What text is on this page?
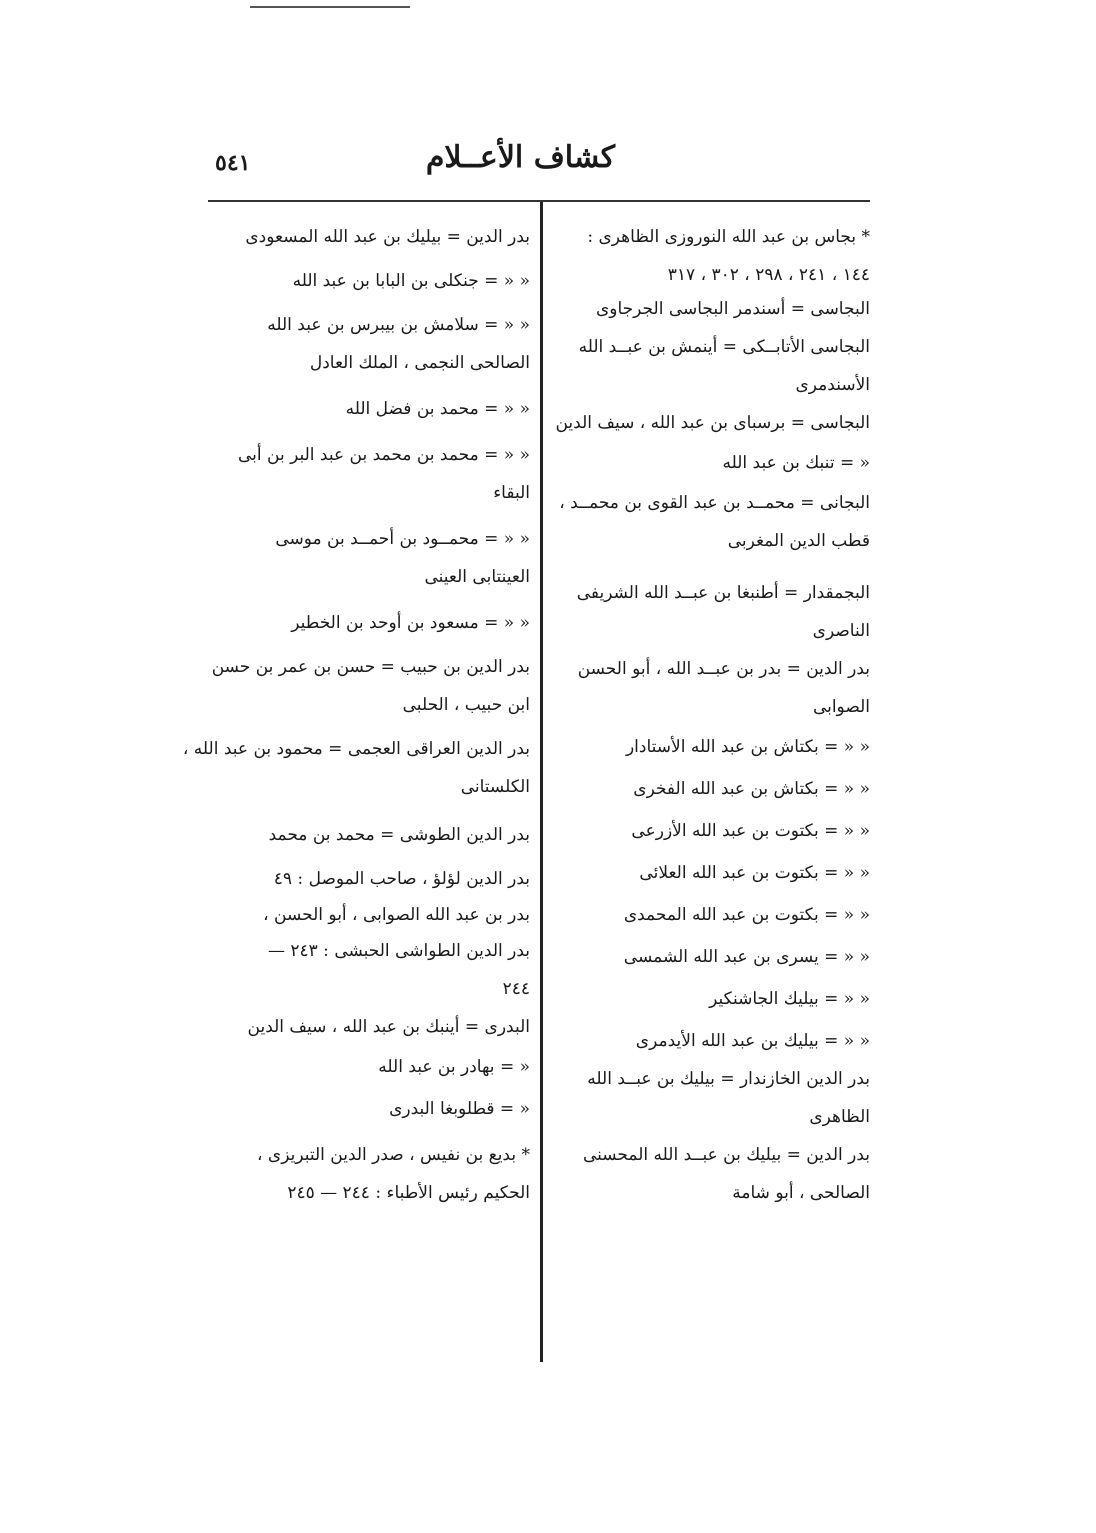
كشاف الأعــلام
٥٤١
* بجاس بن عبد الله النوروزى الظاهرى :
١٤٤ ، ٢٤١ ، ٢٩٨ ، ٣٠٢ ، ٣١٧
البجاسى = أسندمر البجاسى الجرجاوى
البجاسى الأتابــكى = أينمش بن عبــد الله
الأسندمرى
البجاسى = برسباى بن عبد الله ، سيف الدين
« = تنبك بن عبد الله
البجانى = محمــد بن عبد القوى بن محمــد ،
قطب الدين المغربى
البجمقدار = أطنبغا بن عبــد الله الشريفى
الناصرى
بدر الدين = بدر بن عبــد الله ، أبو الحسن
الصوابى
« « = بكتاش بن عبد الله الأستادار
« « = بكتاش بن عبد الله الفخرى
« « = بكتوت بن عبد الله الأزرعى
« « = بكتوت بن عبد الله العلائى
« « = بكتوت بن عبد الله المحمدى
« « = يسرى بن عبد الله الشمسى
« « = بيليك الجاشنكير
« « = بيليك بن عبد الله الأيدمرى
بدر الدين الخازندار = بيليك بن عبــد الله
الظاهرى
بدر الدين = بيليك بن عبــد الله المحسنى
الصالحى ، أبو شامة
بدر الدين = بيليك بن عبد الله المسعودى
« « = جنكلى بن البابا بن عبد الله
« « = سلامش بن بيبرس بن عبد الله
الصالحى النجمى ، الملك العادل
« « = محمد بن فضل الله
« « = محمد بن محمد بن عبد البر بن أبى
البقاء
« « = محمــود بن أحمــد بن موسى
العينتابى العينى
« « = مسعود بن أوحد بن الخطير
بدر الدين بن حبيب = حسن بن عمر بن حسن
ابن حبيب ، الحلبى
بدر الدين العراقى العجمى = محمود بن عبد الله ،
الكلستانى
بدر الدين الطوشى = محمد بن محمد
بدر الدين لؤلؤ ، صاحب الموصل : ٤٩
بدر بن عبد الله الصوابى ، أبو الحسن ،
بدر الدين الطواشى الحبشى : ٢٤٣ —
٢٤٤
البدرى = أينبك بن عبد الله ، سيف الدين
« = بهادر بن عبد الله
« = قطلوبغا البدرى
* بديع بن نفيس ، صدر الدين التبريزى ،
الحكيم رئيس الأطباء : ٢٤٤ — ٢٤٥
